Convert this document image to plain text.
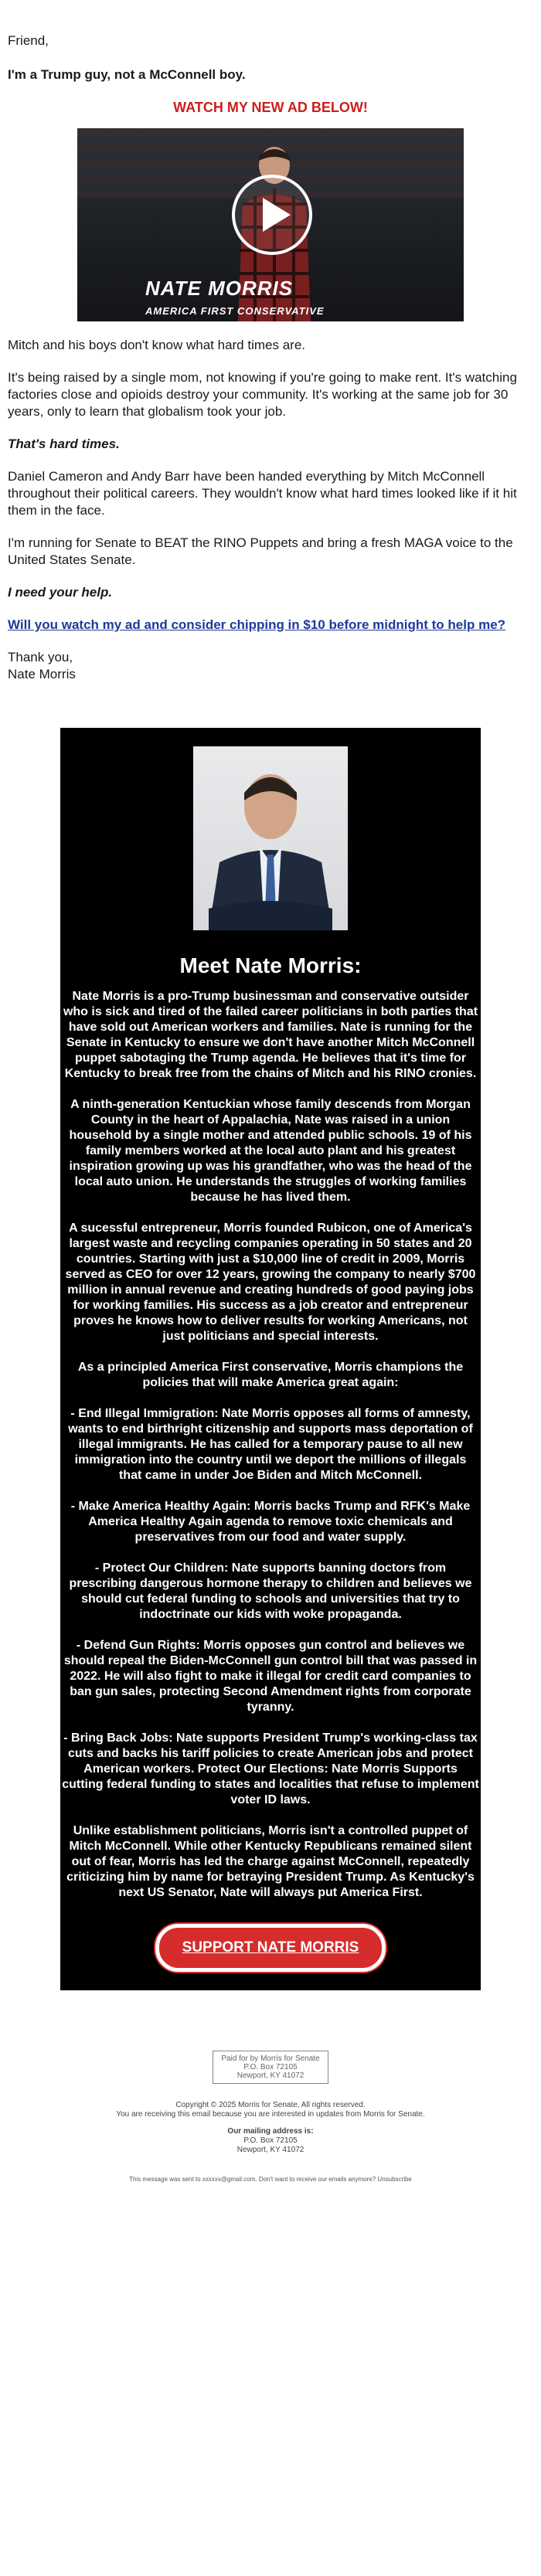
Friend,

I'm a Trump guy, not a McConnell boy.

WATCH MY NEW AD BELOW!

NATE MORRIS
AMERICA FIRST CONSERVATIVE

Mitch and his boys don't know what hard times are.

It's being raised by a single mom, not knowing if you're going to make rent. It's watching factories close and opioids destroy your community. It's working at the same job for 30 years, only to learn that globalism took your job.

That's hard times.

Daniel Cameron and Andy Barr have been handed everything by Mitch McConnell throughout their political careers. They wouldn't know what hard times looked like if it hit them in the face.

I'm running for Senate to BEAT the RINO Puppets and bring a fresh MAGA voice to the United States Senate.

I need your help.

Will you watch my ad and consider chipping in $10 before midnight to help me?

Thank you,

Nate Morris

Meet Nate Morris:

Nate Morris is a pro-Trump businessman and conservative outsider who is sick and tired of the failed career politicians in both parties that have sold out American workers and families. Nate is running for the Senate in Kentucky to ensure we don't have another Mitch McConnell puppet sabotaging the Trump agenda. He believes that it's time for Kentucky to break free from the chains of Mitch and his RINO cronies.

A ninth-generation Kentuckian whose family descends from Morgan County in the heart of Appalachia, Nate was raised in a union household by a single mother and attended public schools. 19 of his family members worked at the local auto plant and his greatest inspiration growing up was his grandfather, who was the head of the local auto union. He understands the struggles of working families because he has lived them.

A sucessful entrepreneur, Morris founded Rubicon, one of America's largest waste and recycling companies operating in 50 states and 20 countries. Starting with just a $10,000 line of credit in 2009, Morris served as CEO for over 12 years, growing the company to nearly $700 million in annual revenue and creating hundreds of good paying jobs for working families. His success as a job creator and entrepreneur proves he knows how to deliver results for working Americans, not just politicians and special interests.

As a principled America First conservative, Morris champions the policies that will make America great again:

- End Illegal Immigration: Nate Morris opposes all forms of amnesty, wants to end birthright citizenship and supports mass deportation of illegal immigrants. He has called for a temporary pause to all new immigration into the country until we deport the millions of illegals that came in under Joe Biden and Mitch McConnell.

- Make America Healthy Again: Morris backs Trump and RFK's Make America Healthy Again agenda to remove toxic chemicals and preservatives from our food and water supply.

- Protect Our Children: Nate supports banning doctors from prescribing dangerous hormone therapy to children and believes we should cut federal funding to schools and universities that try to indoctrinate our kids with woke propaganda.

- Defend Gun Rights: Morris opposes gun control and believes we should repeal the Biden-McConnell gun control bill that was passed in 2022. He will also fight to make it illegal for credit card companies to ban gun sales, protecting Second Amendment rights from corporate tyranny.

- Bring Back Jobs: Nate supports President Trump's working-class tax cuts and backs his tariff policies to create American jobs and protect American workers. Protect Our Elections: Nate Morris Supports cutting federal funding to states and localities that refuse to implement voter ID laws.

Unlike establishment politicians, Morris isn't a controlled puppet of Mitch McConnell. While other Kentucky Republicans remained silent out of fear, Morris has led the charge against McConnell, repeatedly criticizing him by name for betraying President Trump. As Kentucky's next US Senator, Nate will always put America First.

SUPPORT NATE MORRIS
Paid for by Morris for Senate
P.O. Box 72105
Newport, KY 41072
Copyright © 2025 Morris for Senate, All rights reserved.
You are receiving this email because you are interested in updates from Morris for Senate.
Our mailing address is:
P.O. Box 72105
Newport, KY 41072
This message was sent to xxxxxx@gmail.com. Don't want to receive our emails anymore? Unsubscribe
